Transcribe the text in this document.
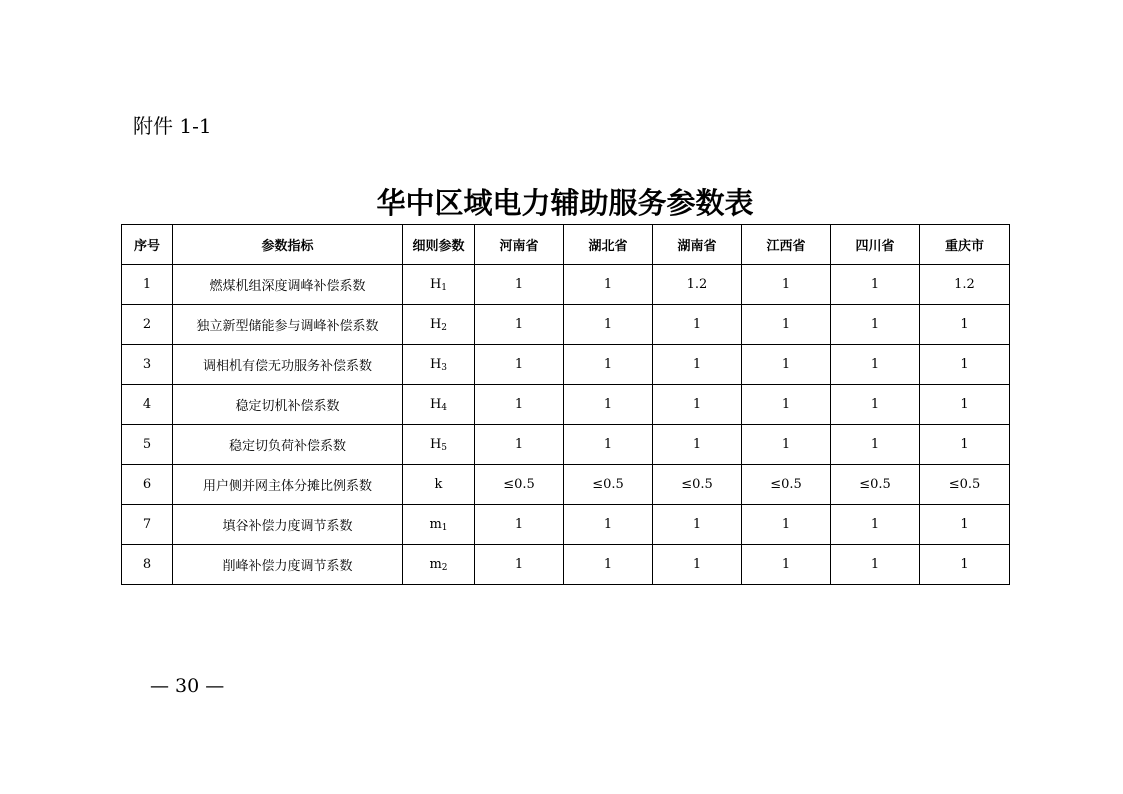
附件 1-1
华中区域电力辅助服务参数表
序号	参数指标	细则参数	河南省	湖北省	湖南省	江西省	四川省	重庆市
1	燃煤机组深度调峰补偿系数	$H_1$	1	1	1.2	1	1	1.2
2	独立新型储能参与调峰补偿系数	$H_2$	1	1	1	1	1	1
3	调相机有偿无功服务补偿系数	$H_3$	1	1	1	1	1	1
4	稳定切机补偿系数	$H_4$	1	1	1	1	1	1
5	稳定切负荷补偿系数	$H_5$	1	1	1	1	1	1
6	用户侧并网主体分摊比例系数	k	≤0.5	≤0.5	≤0.5	≤0.5	≤0.5	≤0.5
7	填谷补偿力度调节系数	$m_1$	1	1	1	1	1	1
8	削峰补偿力度调节系数	$m_2$	1	1	1	1	1	1
— 30 —
